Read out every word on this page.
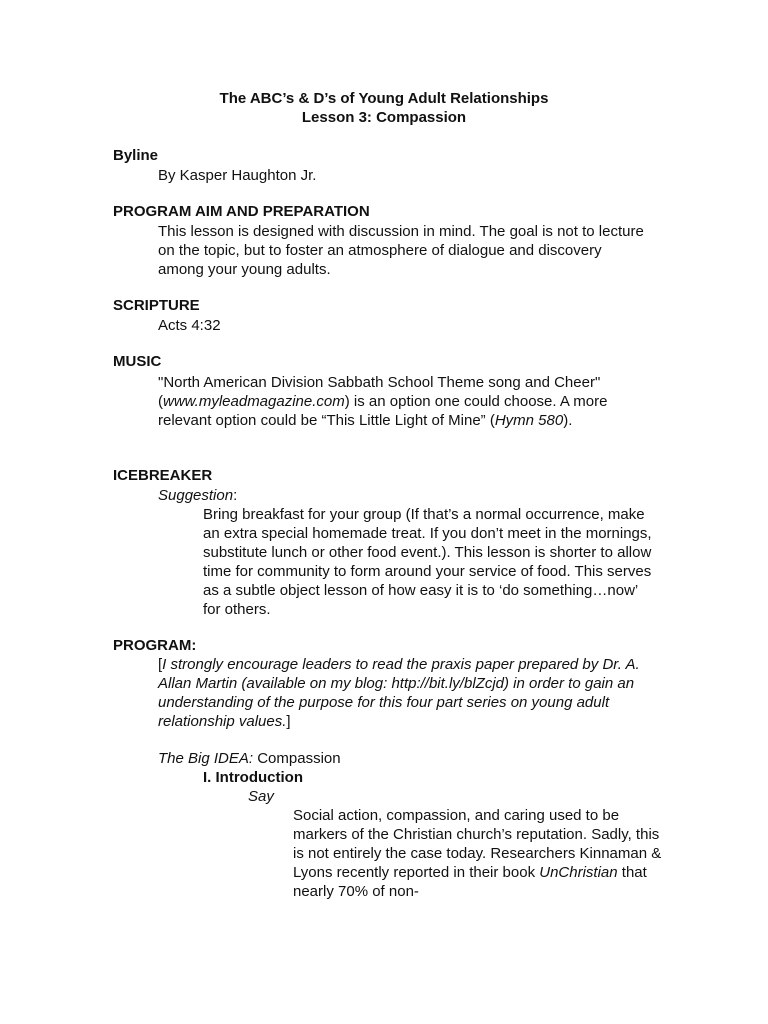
The ABC’s & D’s of Young Adult Relationships
Lesson 3: Compassion
Byline
By Kasper Haughton Jr.
PROGRAM AIM AND PREPARATION
This lesson is designed with discussion in mind. The goal is not to lecture on the topic, but to foster an atmosphere of dialogue and discovery among your young adults.
SCRIPTURE
Acts 4:32
MUSIC
"North American Division Sabbath School Theme song and Cheer"(www.myleadmagazine.com) is an option one could choose. A more relevant option could be “This Little Light of Mine” (Hymn 580).
ICEBREAKER
Suggestion:
Bring breakfast for your group (If that’s a normal occurrence, make an extra special homemade treat. If you don’t meet in the mornings, substitute lunch or other food event.). This lesson is shorter to allow time for community to form around your service of food. This serves as a subtle object lesson of how easy it is to ‘do something…now’ for others.
PROGRAM:
[I strongly encourage leaders to read the praxis paper prepared by Dr. A. Allan Martin (available on my blog: http://bit.ly/blZcjd) in order to gain an understanding of the purpose for this four part series on young adult relationship values.]
The Big IDEA: Compassion
I. Introduction
Say
Social action, compassion, and caring used to be markers of the Christian church’s reputation. Sadly, this is not entirely the case today. Researchers Kinnaman & Lyons recently reported in their book UnChristian that nearly 70% of non-
